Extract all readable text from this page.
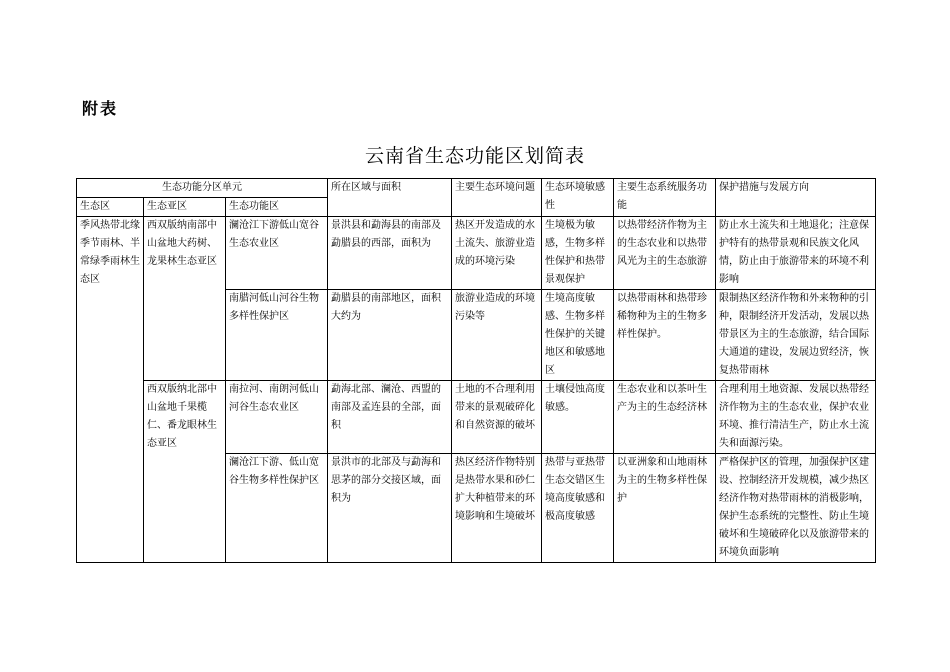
附表
云南省生态功能区划简表
生态功能分区单元			所在区域与面积	主要生态环境问题	生态环境敏感性	主要生态系统服务功能	保护措施与发展方向
生态区	生态亚区	生态功能区					
季风热带北缘季节雨林、半常绿季雨林生态区	西双版纳南部中山盆地大药树、龙果林生态亚区	澜沧江下游低山宽谷生态农业区	景洪县和勐海县的南部及勐腊县的西部，面积为	热区开发造成的水土流失、旅游业造成的环境污染	生境极为敏感，生物多样性保护和热带景观保护	以热带经济作物为主的生态农业和以热带风光为主的生态旅游	防止水土流失和土地退化；注意保护特有的热带景观和民族文化风情，防止由于旅游带来的环境不利影响
		南腊河低山河谷生物多样性保护区	勐腊县的南部地区，面积大约为	旅游业造成的环境污染等	生境高度敏感、生物多样性保护的关键地区和敏感地区	以热带雨林和热带珍稀物种为主的生物多样性保护。	限制热区经济作物和外来物种的引种，限制经济开发活动，发展以热带景区为主的生态旅游，结合国际大通道的建设，发展边贸经济，恢复热带雨林
	西双版纳北部中山盆地千果榄仁、番龙眼林生态亚区	南拉河、南朗河低山河谷生态农业区	勐海北部、澜沧、西盟的南部及孟连县的全部，面积	土地的不合理利用带来的景观破碎化和自然资源的破坏	土壤侵蚀高度敏感。	生态农业和以茶叶生产为主的生态经济林	合理利用土地资源、发展以热带经济作物为主的生态农业，保护农业环境、推行清洁生产，防止水土流失和面源污染。
		澜沧江下游、低山宽谷生物多样性保护区	景洪市的北部及与勐海和思茅的部分交接区域，面积为	热区经济作物特别是热带水果和砂仁扩大种植带来的环境影响和生境破坏	热带与亚热带生态交错区生境高度敏感和极高度敏感	以亚洲象和山地雨林为主的生物多样性保护	严格保护区的管理，加强保护区建设、控制经济开发规模，减少热区经济作物对热带雨林的消极影响，保护生态系统的完整性、防止生境破坏和生境破碎化以及旅游带来的环境负面影响
